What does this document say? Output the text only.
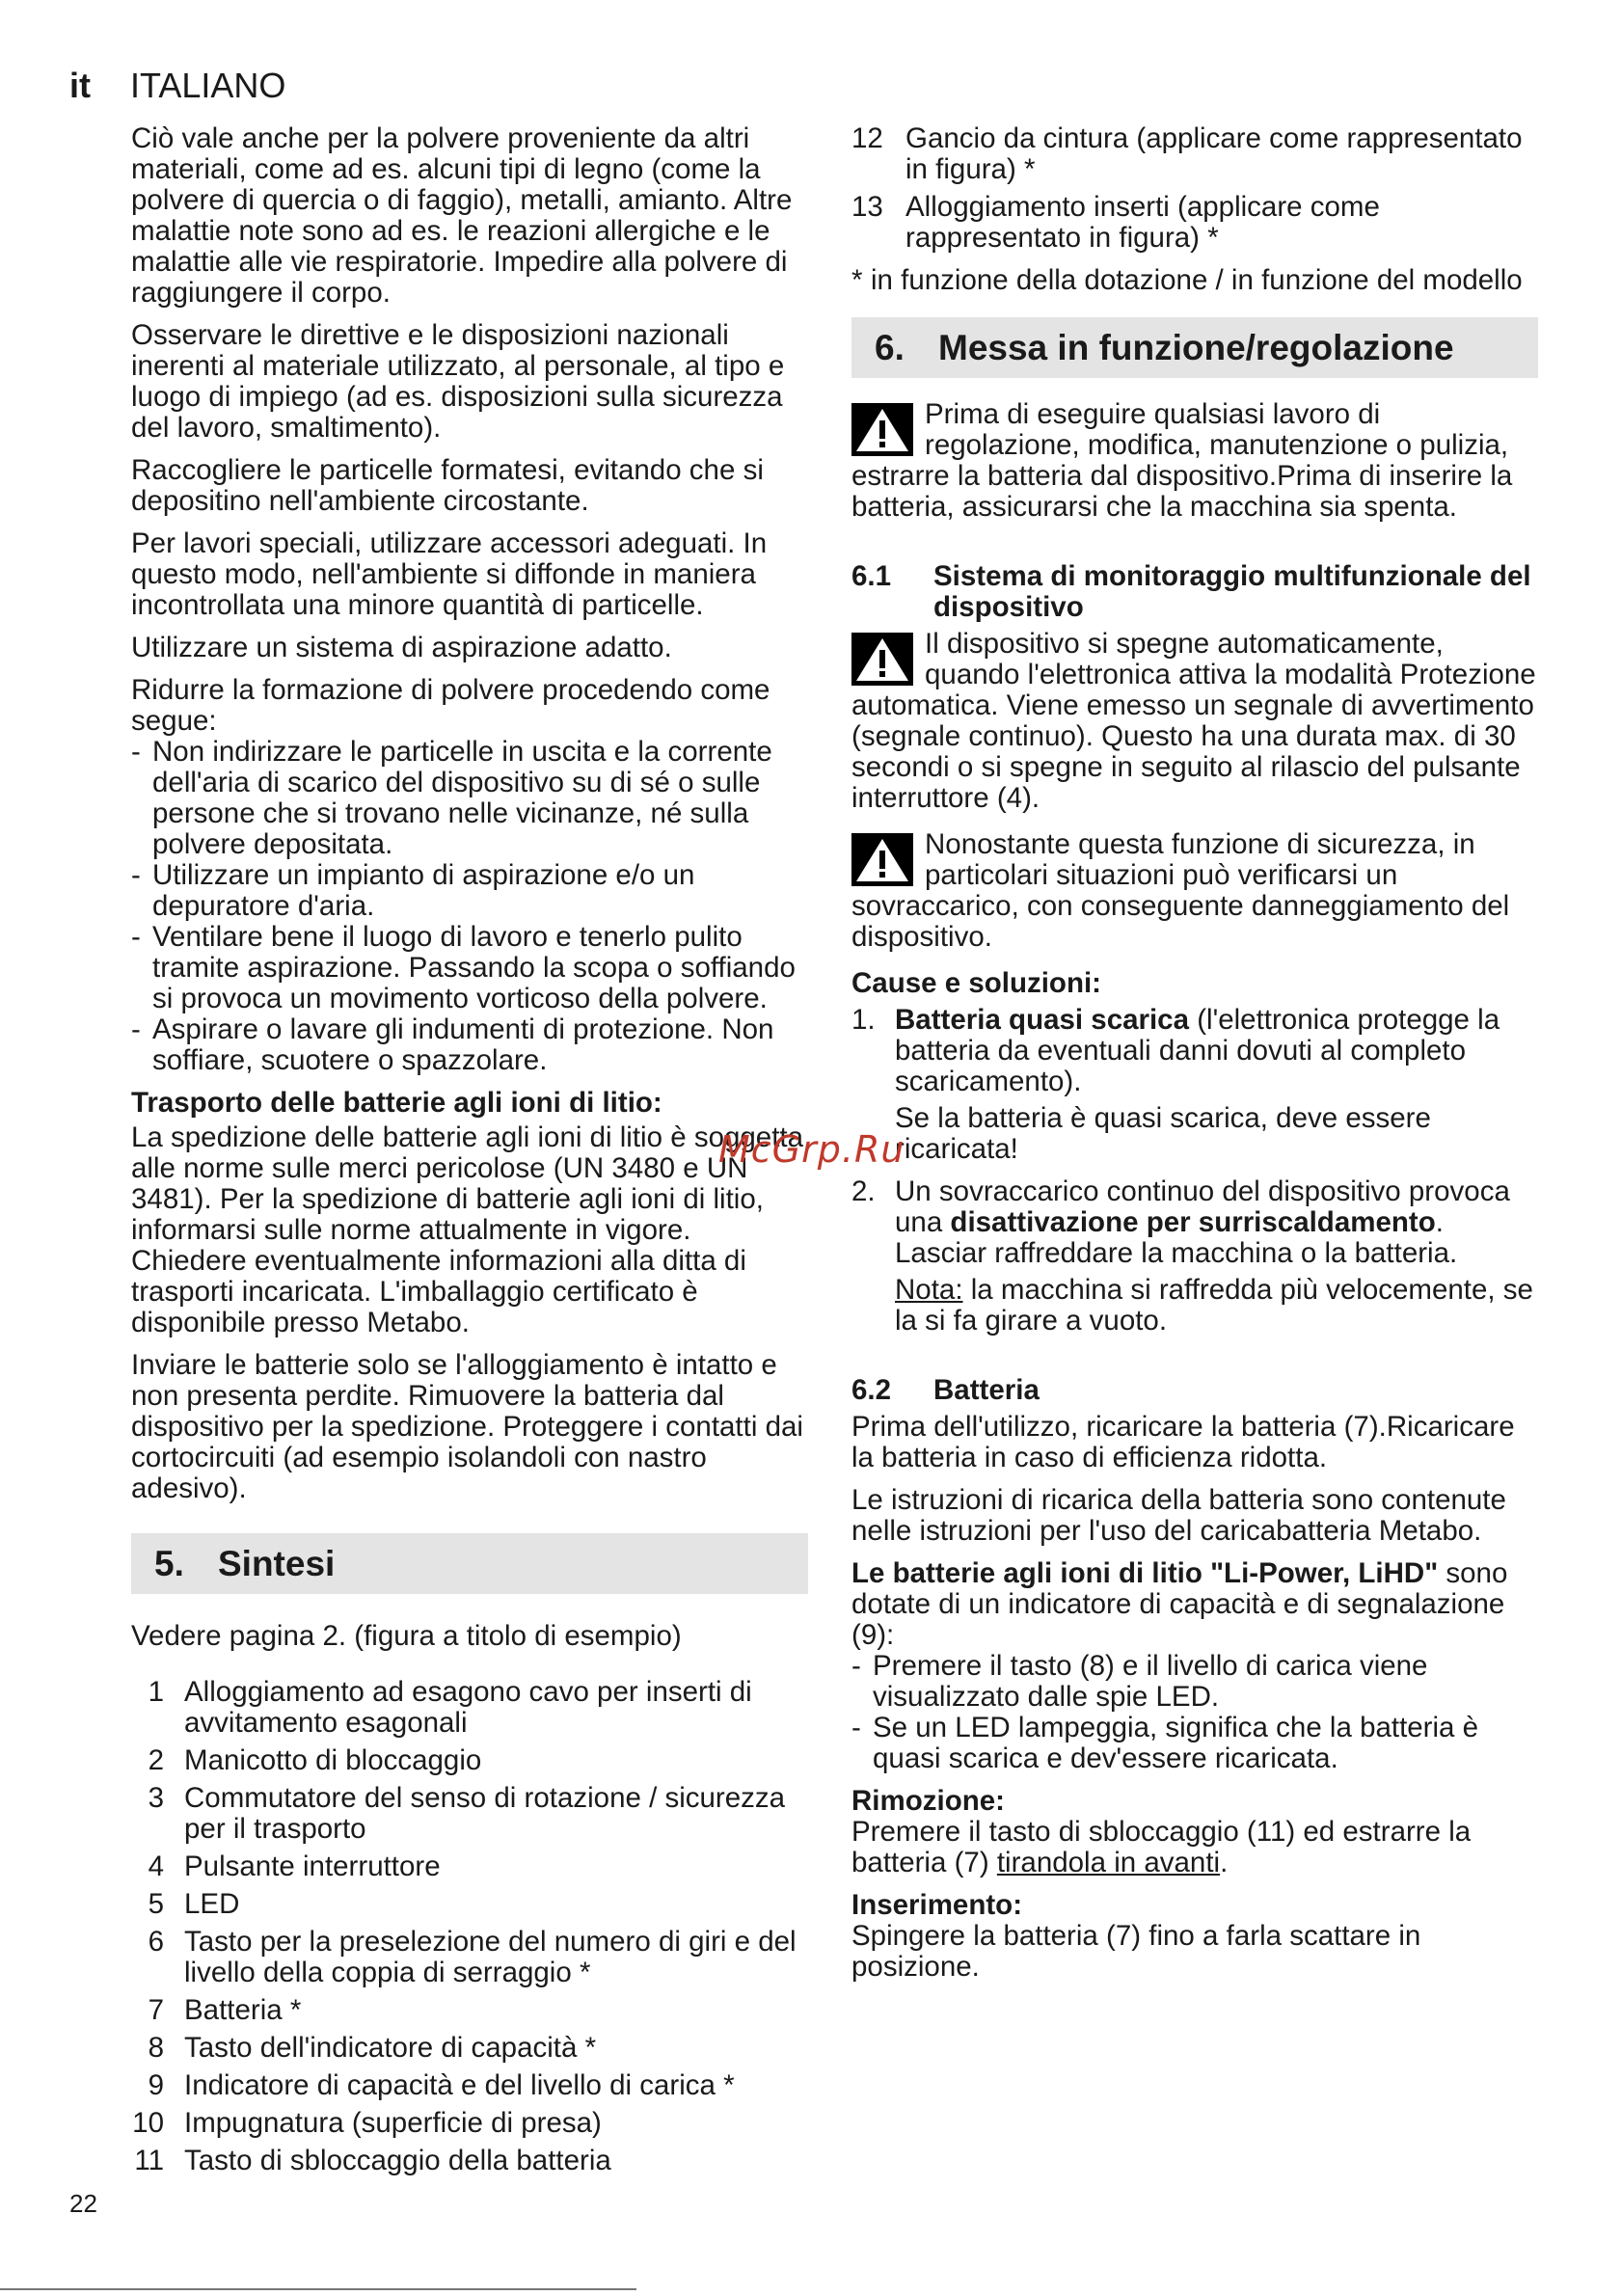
it ITALIANO

Ciò vale anche per la polvere proveniente da altri materiali, come ad es. alcuni tipi di legno (come la polvere di quercia o di faggio), metalli, amianto. Altre malattie note sono ad es. le reazioni allergiche e le malattie alle vie respiratorie. Impedire alla polvere di raggiungere il corpo.

Osservare le direttive e le disposizioni nazionali inerenti al materiale utilizzato, al personale, al tipo e luogo di impiego (ad es. disposizioni sulla sicurezza del lavoro, smaltimento).

Raccogliere le particelle formatesi, evitando che si depositino nell'ambiente circostante.

Per lavori speciali, utilizzare accessori adeguati. In questo modo, nell'ambiente si diffonde in maniera incontrollata una minore quantità di particelle.

Utilizzare un sistema di aspirazione adatto.

Ridurre la formazione di polvere procedendo come segue:

- Non indirizzare le particelle in uscita e la corrente dell'aria di scarico del dispositivo su di sé o sulle persone che si trovano nelle vicinanze, né sulla polvere depositata.
- Utilizzare un impianto di aspirazione e/o un depuratore d'aria.
- Ventilare bene il luogo di lavoro e tenerlo pulito tramite aspirazione. Passando la scopa o soffiando si provoca un movimento vorticoso della polvere.
- Aspirare o lavare gli indumenti di protezione. Non soffiare, scuotere o spazzolare.

Trasporto delle batterie agli ioni di litio:

La spedizione delle batterie agli ioni di litio è soggetta alle norme sulle merci pericolose (UN 3480 e UN 3481). Per la spedizione di batterie agli ioni di litio, informarsi sulle norme attualmente in vigore. Chiedere eventualmente informazioni alla ditta di trasporti incaricata. L'imballaggio certificato è disponibile presso Metabo.

Inviare le batterie solo se l'alloggiamento è intatto e non presenta perdite. Rimuovere la batteria dal dispositivo per la spedizione. Proteggere i contatti dai cortocircuiti (ad esempio isolandoli con nastro adesivo).

5. Sintesi

Vedere pagina 2. (figura a titolo di esempio)

1 Alloggiamento ad esagono cavo per inserti di avvitamento esagonali
2 Manicotto di bloccaggio
3 Commutatore del senso di rotazione / sicurezza per il trasporto
4 Pulsante interruttore
5 LED
6 Tasto per la preselezione del numero di giri e del livello della coppia di serraggio *
7 Batteria *
8 Tasto dell'indicatore di capacità *
9 Indicatore di capacità e del livello di carica *
10 Impugnatura (superficie di presa)
11 Tasto di sbloccaggio della batteria
12 Gancio da cintura (applicare come rappresentato in figura) *
13 Alloggiamento inserti (applicare come rappresentato in figura) *

* in funzione della dotazione / in funzione del modello

6. Messa in funzione/regolazione
Prima di eseguire qualsiasi lavoro di regolazione, modifica, manutenzione o pulizia, estrarre la batteria dal dispositivo.Prima di inserire la batteria, assicurarsi che la macchina sia spenta.
6.1 Sistema di monitoraggio multifunzionale del dispositivo
Il dispositivo si spegne automaticamente, quando l'elettronica attiva la modalità Protezione automatica. Viene emesso un segnale di avvertimento (segnale continuo). Questo ha una durata max. di 30 secondi o si spegne in seguito al rilascio del pulsante interruttore (4).
Nonostante questa funzione di sicurezza, in particolari situazioni può verificarsi un sovraccarico, con conseguente danneggiamento del dispositivo.

Cause e soluzioni:

1. Batteria quasi scarica (l'elettronica protegge la batteria da eventuali danni dovuti al completo scaricamento).
Se la batteria è quasi scarica, deve essere ricaricata!
2. Un sovraccarico continuo del dispositivo provoca una disattivazione per surriscaldamento.
Lasciar raffreddare la macchina o la batteria.
Nota: la macchina si raffredda più velocemente, se la si fa girare a vuoto.
6.2 Batteria

Prima dell'utilizzo, ricaricare la batteria (7).Ricaricare la batteria in caso di efficienza ridotta.

Le istruzioni di ricarica della batteria sono contenute nelle istruzioni per l'uso del caricabatteria Metabo.

Le batterie agli ioni di litio "Li-Power, LiHD" sono dotate di un indicatore di capacità e di segnalazione (9):

- Premere il tasto (8) e il livello di carica viene visualizzato dalle spie LED.
- Se un LED lampeggia, significa che la batteria è quasi scarica e dev'essere ricaricata.

Rimozione:

Premere il tasto di sbloccaggio (11) ed estrarre la batteria (7) tirandola in avanti.

Inserimento:

Spingere la batteria (7) fino a farla scattare in posizione.

McGrp.Ru
22
